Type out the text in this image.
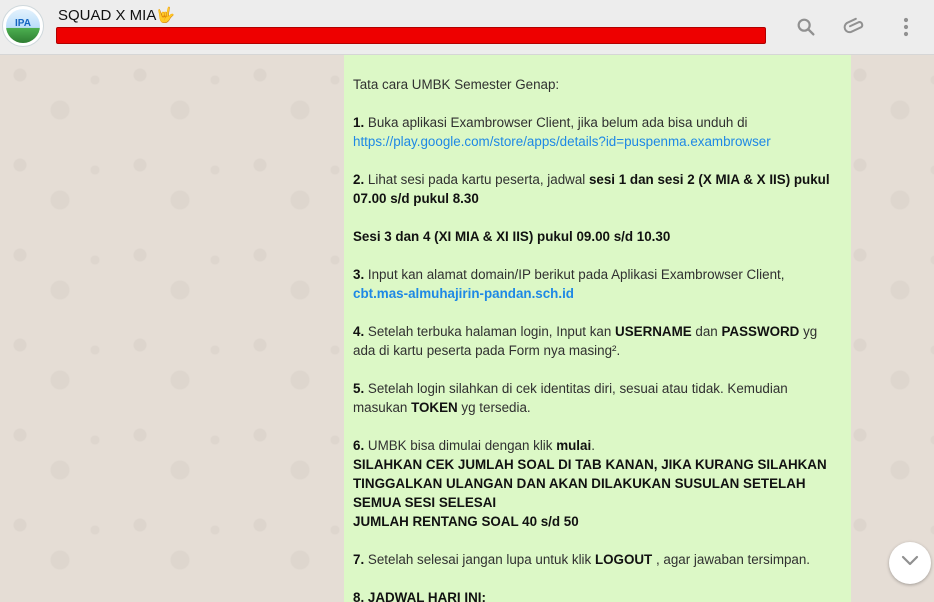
IPA	SQUAD X MIA🤟

Tata cara UMBK Semester Genap:

1. Buka aplikasi Exambrowser Client, jika belum ada bisa unduh di
https://play.google.com/store/apps/details?id=puspenma.exambrowser

2. Lihat sesi pada kartu peserta, jadwal sesi 1 dan sesi 2 (X MIA & X IIS) pukul 07.00 s/d pukul 8.30

Sesi 3 dan 4 (XI MIA & XI IIS) pukul 09.00 s/d 10.30

3. Input kan alamat domain/IP berikut pada Aplikasi Exambrowser Client,
cbt.mas-almuhajirin-pandan.sch.id

4. Setelah terbuka halaman login, Input kan USERNAME dan PASSWORD yg ada di kartu peserta pada Form nya masing².

5. Setelah login silahkan di cek identitas diri, sesuai atau tidak. Kemudian masukan TOKEN yg tersedia.

6. UMBK bisa dimulai dengan klik mulai.
SILAHKAN CEK JUMLAH SOAL DI TAB KANAN, JIKA KURANG SILAHKAN TINGGALKAN ULANGAN DAN AKAN DILAKUKAN SUSULAN SETELAH SEMUA SESI SELESAI
JUMLAH RENTANG SOAL 40 s/d 50

7. Setelah selesai jangan lupa untuk klik LOGOUT , agar jawaban tersimpan.

8. JADWAL HARI INI:
